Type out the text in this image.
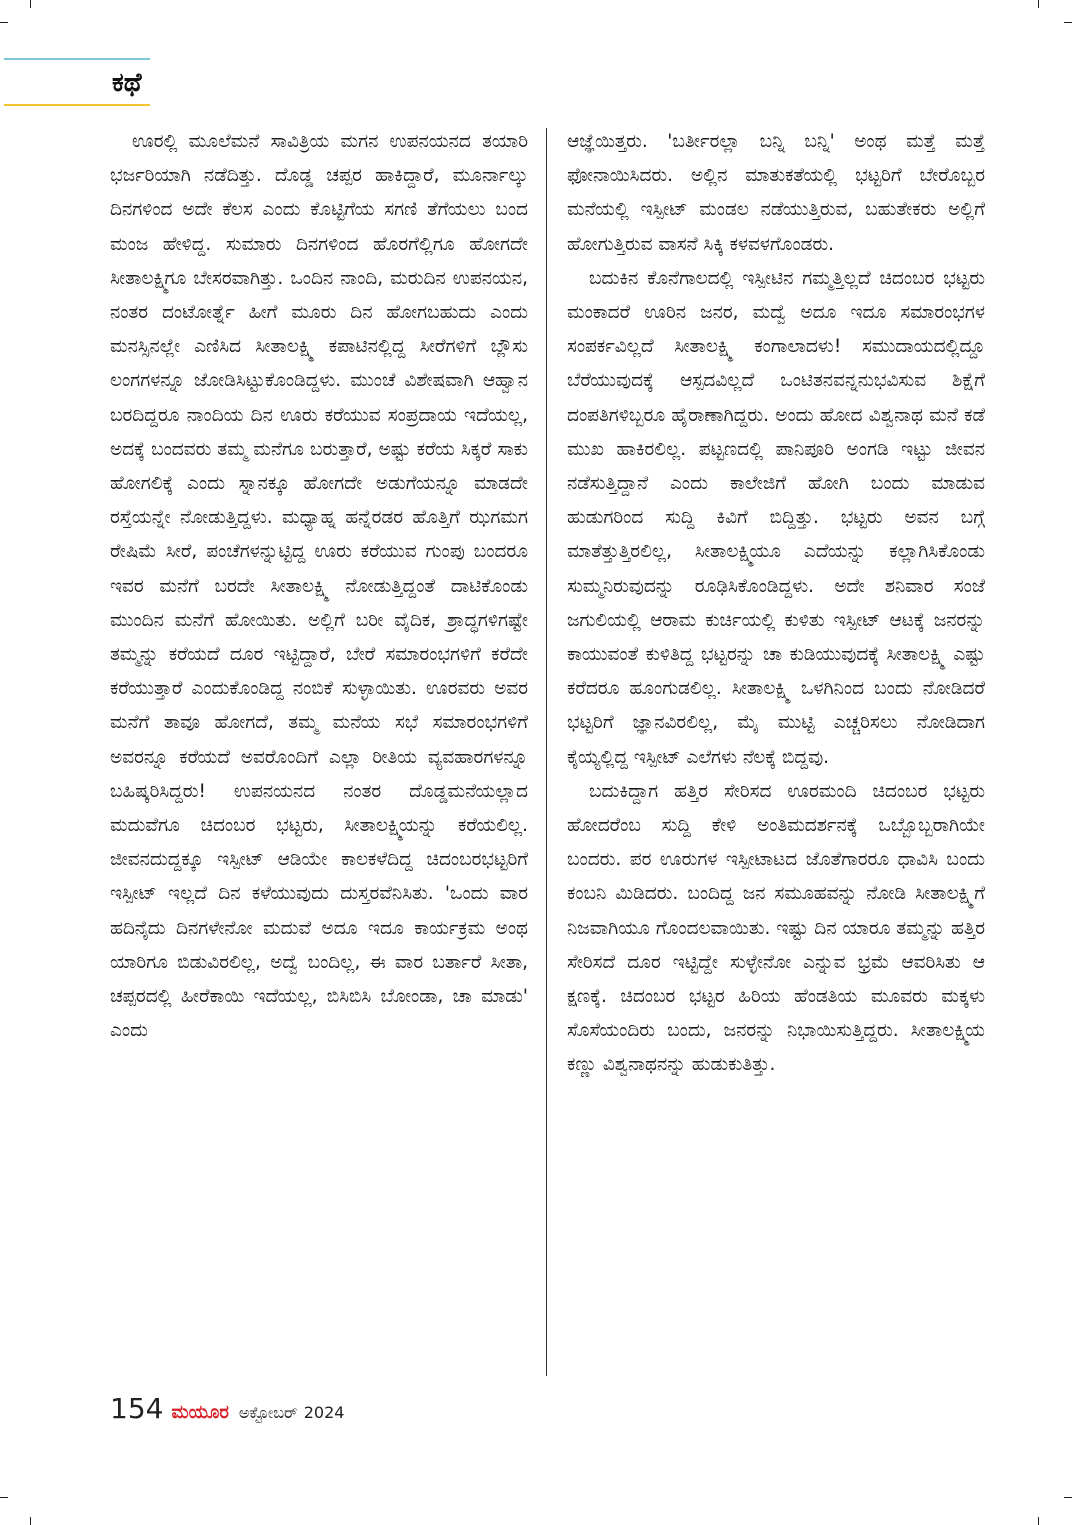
ಕಥೆ

ಊರಲ್ಲಿ ಮೂಲೆಮನೆ ಸಾವಿತ್ರಿಯ ಮಗನ ಉಪನಯನದ ತಯಾರಿ ಭರ್ಜರಿಯಾಗಿ ನಡೆದಿತ್ತು. ದೊಡ್ಡ ಚಪ್ಪರ ಹಾಕಿದ್ದಾರೆ, ಮೂರ್ನಾಲ್ಕು ದಿನಗಳಿಂದ ಅದೇ ಕೆಲಸ ಎಂದು ಕೊಟ್ಟಿಗೆಯ ಸಗಣಿ ತೆಗೆಯಲು ಬಂದ ಮಂಜ ಹೇಳಿದ್ದ. ಸುಮಾರು ದಿನಗಳಿಂದ ಹೊರಗೆಲ್ಲಿಗೂ ಹೋಗದೇ ಸೀತಾಲಕ್ಷ್ಮಿಗೂ ಬೇಸರವಾಗಿತ್ತು. ಒಂದಿನ ನಾಂದಿ, ಮರುದಿನ ಉಪನಯನ, ನಂತರ ದಂಟೋರ್ತ್ನೆ ಹೀಗೆ ಮೂರು ದಿನ ಹೋಗಬಹುದು ಎಂದು ಮನಸ್ಸಿನಲ್ಲೇ ಎಣಿಸಿದ ಸೀತಾಲಕ್ಷ್ಮಿ ಕಪಾಟಿನಲ್ಲಿದ್ದ ಸೀರೆಗಳಿಗೆ ಬ್ಲೌಸು ಲಂಗಗಳನ್ನೂ ಜೋಡಿಸಿಟ್ಟುಕೊಂಡಿದ್ದಳು. ಮುಂಚೆ ವಿಶೇಷವಾಗಿ ಆಹ್ವಾನ ಬರದಿದ್ದರೂ ನಾಂದಿಯ ದಿನ ಊರು ಕರೆಯುವ ಸಂಪ್ರದಾಯ ಇದೆಯಲ್ಲ, ಅದಕ್ಕೆ ಬಂದವರು ತಮ್ಮ ಮನೆಗೂ ಬರುತ್ತಾರೆ, ಅಷ್ಟು ಕರೆಯ ಸಿಕ್ಕರೆ ಸಾಕು ಹೋಗಲಿಕ್ಕೆ ಎಂದು ಸ್ನಾನಕ್ಕೂ ಹೋಗದೇ ಅಡುಗೆಯನ್ನೂ ಮಾಡದೇ ರಸ್ತೆಯನ್ನೇ ನೋಡುತ್ತಿದ್ದಳು. ಮಧ್ಯಾಹ್ನ ಹನ್ನೆರಡರ ಹೊತ್ತಿಗೆ ಝಗಮಗ ರೇಷಿಮೆ ಸೀರೆ, ಪಂಚೆಗಳನ್ನುಟ್ಟಿದ್ದ ಊರು ಕರೆಯುವ ಗುಂಪು ಬಂದರೂ ಇವರ ಮನೆಗೆ ಬರದೇ ಸೀತಾಲಕ್ಷ್ಮಿ ನೋಡುತ್ತಿದ್ದಂತೆ ದಾಟಿಕೊಂಡು ಮುಂದಿನ ಮನೆಗೆ ಹೋಯಿತು. ಅಲ್ಲಿಗೆ ಬರೀ ವೈದಿಕ, ಶ್ರಾದ್ಧಗಳಿಗಷ್ಟೇ ತಮ್ಮನ್ನು ಕರೆಯದೆ ದೂರ ಇಟ್ಟಿದ್ದಾರೆ, ಬೇರೆ ಸಮಾರಂಭಗಳಿಗೆ ಕರೆದೇ ಕರೆಯುತ್ತಾರೆ ಎಂದುಕೊಂಡಿದ್ದ ನಂಬಿಕೆ ಸುಳ್ಳಾಯಿತು. ಊರವರು ಅವರ ಮನೆಗೆ ತಾವೂ ಹೋಗದೆ, ತಮ್ಮ ಮನೆಯ ಸಭೆ ಸಮಾರಂಭಗಳಿಗೆ ಅವರನ್ನೂ ಕರೆಯದೆ ಅವರೊಂದಿಗೆ ಎಲ್ಲಾ ರೀತಿಯ ವ್ಯವಹಾರಗಳನ್ನೂ ಬಹಿಷ್ಕರಿಸಿದ್ದರು! ಉಪನಯನದ ನಂತರ ದೊಡ್ಡಮನೆಯಲ್ಲಾದ ಮದುವೆಗೂ ಚಿದಂಬರ ಭಟ್ಟರು, ಸೀತಾಲಕ್ಷ್ಮಿಯನ್ನು ಕರೆಯಲಿಲ್ಲ. ಜೀವನದುದ್ದಕ್ಕೂ ಇಸ್ಪೀಟ್ ಆಡಿಯೇ ಕಾಲಕಳೆದಿದ್ದ ಚಿದಂಬರಭಟ್ಟರಿಗೆ ಇಸ್ಪೀಟ್ ಇಲ್ಲದೆ ದಿನ ಕಳೆಯುವುದು ದುಸ್ತರವೆನಿಸಿತು. 'ಒಂದು ವಾರ ಹದಿನೈದು ದಿನಗಳೇನೋ ಮದುವೆ ಅದೂ ಇದೂ ಕಾರ್ಯಕ್ರಮ ಅಂಥ ಯಾರಿಗೂ ಬಿಡುವಿರಲಿಲ್ಲ, ಅದ್ವೆ ಬಂದಿಲ್ಲ, ಈ ವಾರ ಬರ್ತಾರೆ ಸೀತಾ, ಚಪ್ಪರದಲ್ಲಿ ಹೀರೆಕಾಯಿ ಇದೆಯಲ್ಲ, ಬಿಸಿಬಿಸಿ ಬೋಂಡಾ, ಚಾ ಮಾಡು' ಎಂದು

ಆಜ್ಞೆಯಿತ್ತರು. 'ಬರ್ತೀರಲ್ಲಾ ಬನ್ನಿ ಬನ್ನಿ' ಅಂಥ ಮತ್ತೆ ಮತ್ತೆ ಫೋನಾಯಿಸಿದರು. ಅಲ್ಲಿನ ಮಾತುಕತೆಯಲ್ಲಿ ಭಟ್ಟರಿಗೆ ಬೇರೊಬ್ಬರ ಮನೆಯಲ್ಲಿ ಇಸ್ಪೀಟ್ ಮಂಡಲ ನಡೆಯುತ್ತಿರುವ, ಬಹುತೇಕರು ಅಲ್ಲಿಗೆ ಹೋಗುತ್ತಿರುವ ವಾಸನೆ ಸಿಕ್ಕಿ ಕಳವಳಗೊಂಡರು.

ಬದುಕಿನ ಕೊನೆಗಾಲದಲ್ಲಿ ಇಸ್ಪೀಟಿನ ಗಮ್ಮತ್ತಿಲ್ಲದೆ ಚಿದಂಬರ ಭಟ್ಟರು ಮಂಕಾದರೆ ಊರಿನ ಜನರ, ಮದ್ವೆ ಅದೂ ಇದೂ ಸಮಾರಂಭಗಳ ಸಂಪರ್ಕವಿಲ್ಲದೆ ಸೀತಾಲಕ್ಷ್ಮಿ ಕಂಗಾಲಾದಳು! ಸಮುದಾಯದಲ್ಲಿದ್ದೂ ಬೆರೆಯುವುದಕ್ಕೆ ಆಸ್ಪದವಿಲ್ಲದೆ ಒಂಟಿತನವನ್ನನುಭವಿಸುವ ಶಿಕ್ಷೆಗೆ ದಂಪತಿಗಳಿಬ್ಬರೂ ಹೈರಾಣಾಗಿದ್ದರು. ಅಂದು ಹೋದ ವಿಶ್ವನಾಥ ಮನೆ ಕಡೆ ಮುಖ ಹಾಕಿರಲಿಲ್ಲ. ಪಟ್ಟಣದಲ್ಲಿ ಪಾನಿಪೂರಿ ಅಂಗಡಿ ಇಟ್ಟು ಜೀವನ ನಡೆಸುತ್ತಿದ್ದಾನೆ ಎಂದು ಕಾಲೇಜಿಗೆ ಹೋಗಿ ಬಂದು ಮಾಡುವ ಹುಡುಗರಿಂದ ಸುದ್ದಿ ಕಿವಿಗೆ ಬಿದ್ದಿತ್ತು. ಭಟ್ಟರು ಅವನ ಬಗ್ಗೆ ಮಾತೆತ್ತುತ್ತಿರಲಿಲ್ಲ, ಸೀತಾಲಕ್ಷ್ಮಿಯೂ ಎದೆಯನ್ನು ಕಲ್ಲಾಗಿಸಿಕೊಂಡು ಸುಮ್ಮನಿರುವುದನ್ನು ರೂಢಿಸಿಕೊಂಡಿದ್ದಳು. ಅದೇ ಶನಿವಾರ ಸಂಜೆ ಜಗುಲಿಯಲ್ಲಿ ಆರಾಮ ಕುರ್ಚಿಯಲ್ಲಿ ಕುಳಿತು ಇಸ್ಪೀಟ್ ಆಟಕ್ಕೆ ಜನರನ್ನು ಕಾಯುವಂತೆ ಕುಳಿತಿದ್ದ ಭಟ್ಟರನ್ನು ಚಾ ಕುಡಿಯುವುದಕ್ಕೆ ಸೀತಾಲಕ್ಷ್ಮಿ ಎಷ್ಟು ಕರೆದರೂ ಹೂಂಗುಡಲಿಲ್ಲ. ಸೀತಾಲಕ್ಷ್ಮಿ ಒಳಗಿನಿಂದ ಬಂದು ನೋಡಿದರೆ ಭಟ್ಟರಿಗೆ ಜ್ಞಾನವಿರಲಿಲ್ಲ, ಮೈ ಮುಟ್ಟಿ ಎಚ್ಚರಿಸಲು ನೋಡಿದಾಗ ಕೈಯ್ಯಲ್ಲಿದ್ದ ಇಸ್ಪೀಟ್ ಎಲೆಗಳು ನೆಲಕ್ಕೆ ಬಿದ್ದವು.

ಬದುಕಿದ್ದಾಗ ಹತ್ತಿರ ಸೇರಿಸದ ಊರಮಂದಿ ಚಿದಂಬರ ಭಟ್ಟರು ಹೋದರೆಂಬ ಸುದ್ದಿ ಕೇಳಿ ಅಂತಿಮದರ್ಶನಕ್ಕೆ ಒಬ್ಬೊಬ್ಬರಾಗಿಯೇ ಬಂದರು. ಪರ ಊರುಗಳ ಇಸ್ಪೀಟಾಟದ ಜೊತೆಗಾರರೂ ಧಾವಿಸಿ ಬಂದು ಕಂಬನಿ ಮಿಡಿದರು. ಬಂದಿದ್ದ ಜನ ಸಮೂಹವನ್ನು ನೋಡಿ ಸೀತಾಲಕ್ಷ್ಮಿಗೆ ನಿಜವಾಗಿಯೂ ಗೊಂದಲವಾಯಿತು. ಇಷ್ಟು ದಿನ ಯಾರೂ ತಮ್ಮನ್ನು ಹತ್ತಿರ ಸೇರಿಸದೆ ದೂರ ಇಟ್ಟಿದ್ದೇ ಸುಳ್ಳೇನೋ ಎನ್ನುವ ಭ್ರಮೆ ಆವರಿಸಿತು ಆ ಕ್ಷಣಕ್ಕೆ. ಚಿದಂಬರ ಭಟ್ಟರ ಹಿರಿಯ ಹೆಂಡತಿಯ ಮೂವರು ಮಕ್ಕಳು ಸೊಸೆಯಂದಿರು ಬಂದು, ಜನರನ್ನು ನಿಭಾಯಿಸುತ್ತಿದ್ದರು. ಸೀತಾಲಕ್ಷ್ಮಿಯ ಕಣ್ಣು ವಿಶ್ವನಾಥನನ್ನು ಹುಡುಕುತಿತ್ತು.

154 ಮಯೂರ ಅಕ್ಟೋಬರ್ 2024
